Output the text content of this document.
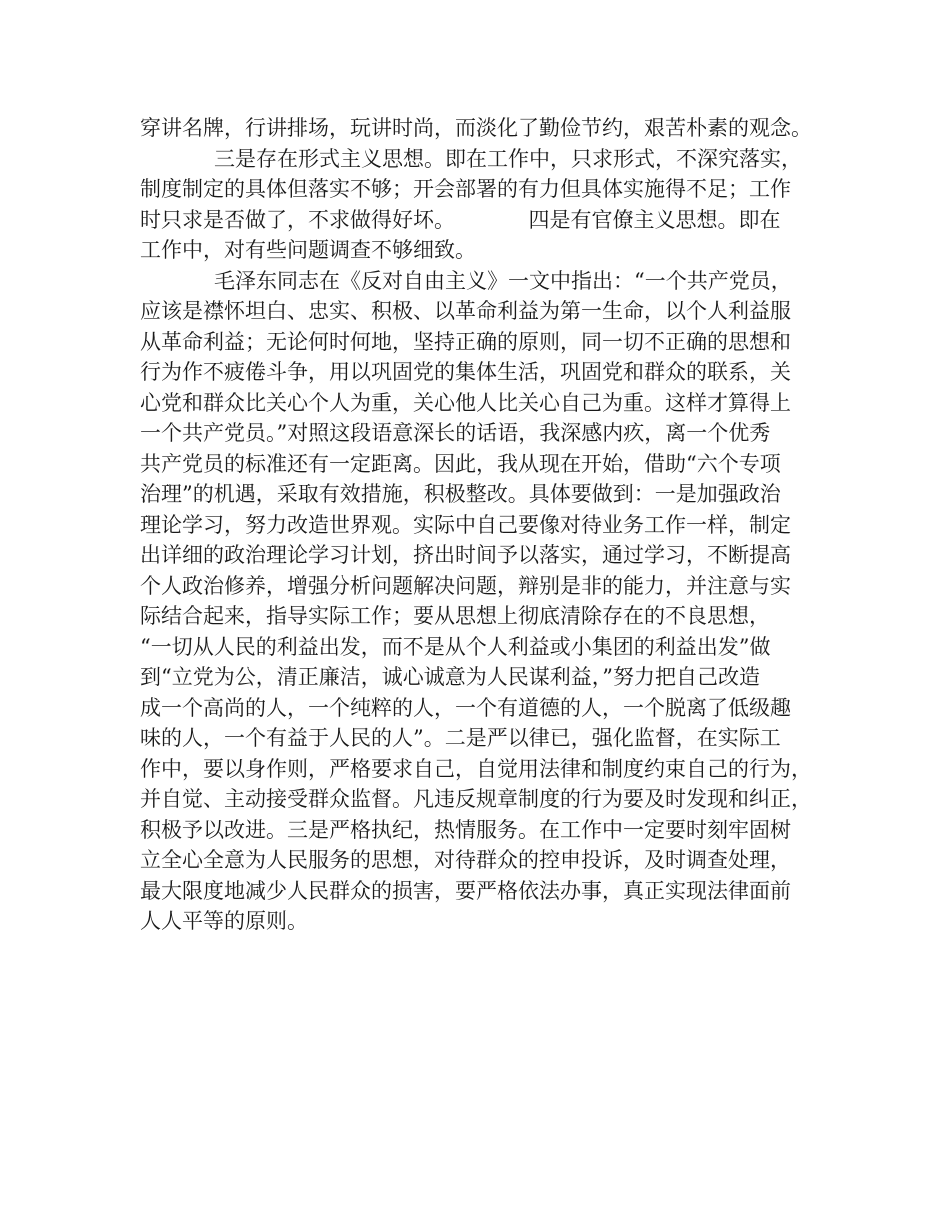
穿讲名牌，行讲排场，玩讲时尚，而淡化了勤俭节约，艰苦朴素的观念。
三是存在形式主义思想。即在工作中，只求形式，不深究落实，
制度制定的具体但落实不够；开会部署的有力但具体实施得不足；工作
时只求是否做了，不求做得好坏。　　　　四是有官僚主义思想。即在
工作中，对有些问题调查不够细致。
毛泽东同志在《反对自由主义》一文中指出：“一个共产党员，
应该是襟怀坦白、忠实、积极、以革命利益为第一生命，以个人利益服
从革命利益；无论何时何地，坚持正确的原则，同一切不正确的思想和
行为作不疲倦斗争，用以巩固党的集体生活，巩固党和群众的联系，关
心党和群众比关心个人为重，关心他人比关心自己为重。这样才算得上
一个共产党员。”对照这段语意深长的话语，我深感内疚，离一个优秀
共产党员的标准还有一定距离。因此，我从现在开始，借助“六个专项
治理”的机遇，采取有效措施，积极整改。具体要做到：一是加强政治
理论学习，努力改造世界观。实际中自己要像对待业务工作一样，制定
出详细的政治理论学习计划，挤出时间予以落实，通过学习，不断提高
个人政治修养，增强分析问题解决问题，辩别是非的能力，并注意与实
际结合起来，指导实际工作；要从思想上彻底清除存在的不良思想，
“一切从人民的利益出发，而不是从个人利益或小集团的利益出发”做
到“立党为公，清正廉洁，诚心诚意为人民谋利益，”努力把自己改造
成一个高尚的人，一个纯粹的人，一个有道德的人，一个脱离了低级趣
味的人，一个有益于人民的人”。二是严以律已，强化监督，在实际工
作中，要以身作则，严格要求自己，自觉用法律和制度约束自己的行为，
并自觉、主动接受群众监督。凡违反规章制度的行为要及时发现和纠正，
积极予以改进。三是严格执纪，热情服务。在工作中一定要时刻牢固树
立全心全意为人民服务的思想，对待群众的控申投诉，及时调查处理，
最大限度地减少人民群众的损害，要严格依法办事，真正实现法律面前
人人平等的原则。
